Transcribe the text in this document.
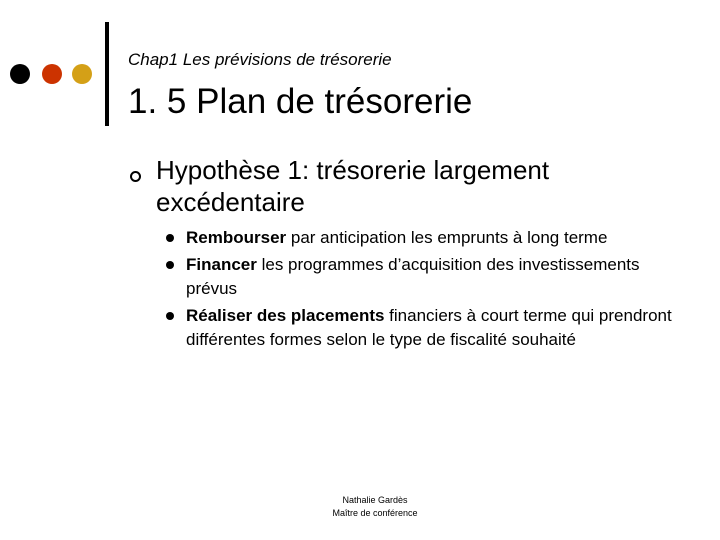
Chap1 Les prévisions de trésorerie
1. 5 Plan de trésorerie
Hypothèse 1: trésorerie largement excédentaire
Rembourser par anticipation les emprunts à long terme
Financer les programmes d’acquisition des investissements prévus
Réaliser des placements financiers à court terme qui prendront différentes formes selon le type de fiscalité souhaité
Nathalie Gardès
Maître de conférence
